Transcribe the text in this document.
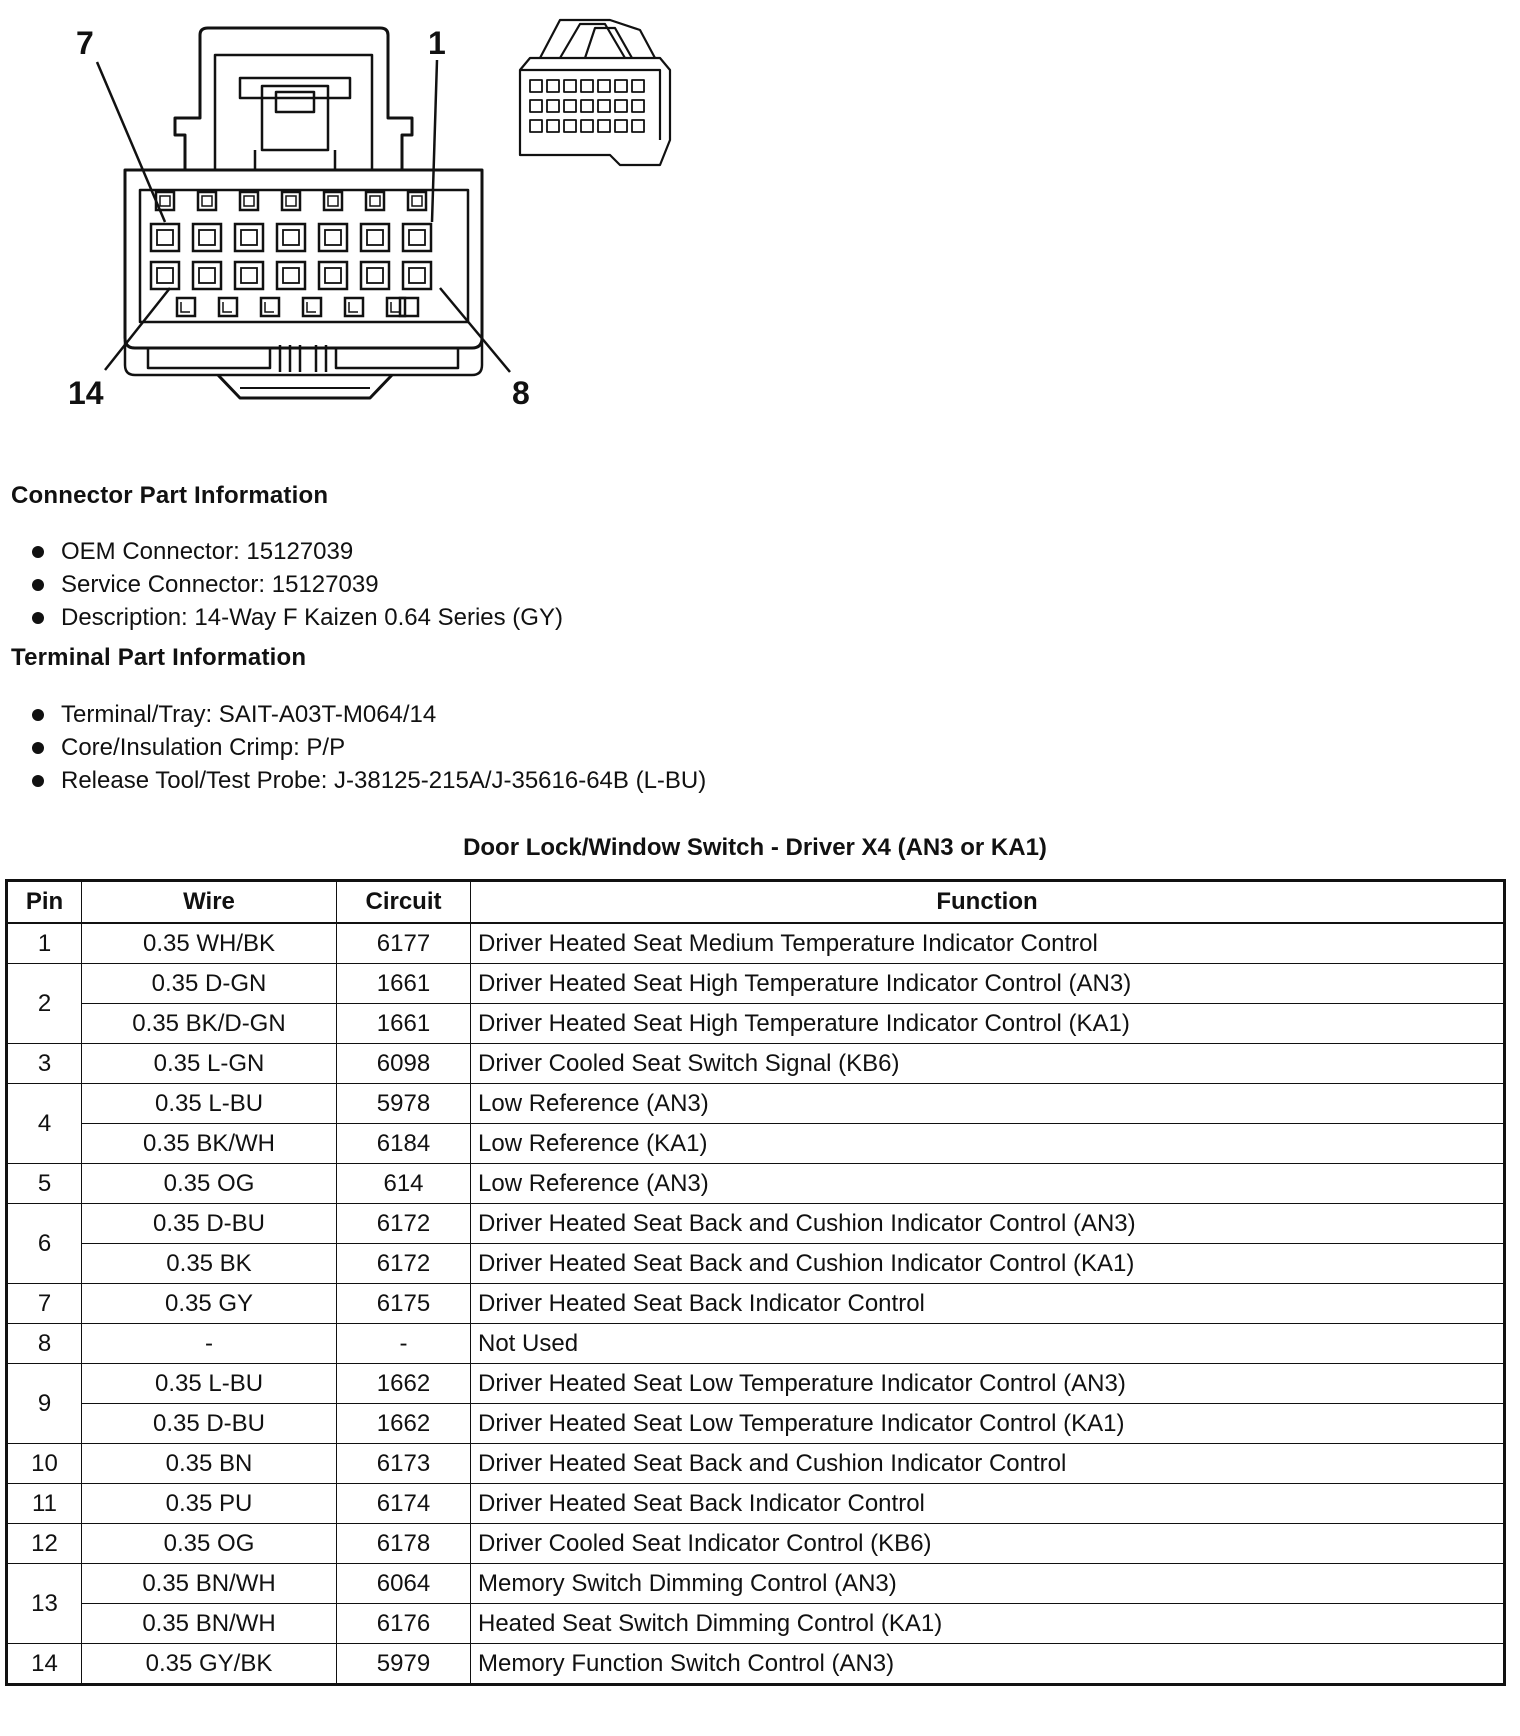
7	1
14	8
Connector Part Information
OEM Connector: 15127039
Service Connector: 15127039
Description: 14-Way F Kaizen 0.64 Series (GY)
Terminal Part Information
Terminal/Tray: SAIT-A03T-M064/14
Core/Insulation Crimp: P/P
Release Tool/Test Probe: J-38125-215A/J-35616-64B (L-BU)
Door Lock/Window Switch - Driver X4 (AN3 or KA1)
Pin	Wire	Circuit	Function
1	0.35 WH/BK	6177	Driver Heated Seat Medium Temperature Indicator Control
2	0.35 D-GN	1661	Driver Heated Seat High Temperature Indicator Control (AN3)
	0.35 BK/D-GN	1661	Driver Heated Seat High Temperature Indicator Control (KA1)
3	0.35 L-GN	6098	Driver Cooled Seat Switch Signal (KB6)
4	0.35 L-BU	5978	Low Reference (AN3)
	0.35 BK/WH	6184	Low Reference (KA1)
5	0.35 OG	614	Low Reference (AN3)
6	0.35 D-BU	6172	Driver Heated Seat Back and Cushion Indicator Control (AN3)
	0.35 BK	6172	Driver Heated Seat Back and Cushion Indicator Control (KA1)
7	0.35 GY	6175	Driver Heated Seat Back Indicator Control
8	-	-	Not Used
9	0.35 L-BU	1662	Driver Heated Seat Low Temperature Indicator Control (AN3)
	0.35 D-BU	1662	Driver Heated Seat Low Temperature Indicator Control (KA1)
10	0.35 BN	6173	Driver Heated Seat Back and Cushion Indicator Control
11	0.35 PU	6174	Driver Heated Seat Back Indicator Control
12	0.35 OG	6178	Driver Cooled Seat Indicator Control (KB6)
13	0.35 BN/WH	6064	Memory Switch Dimming Control (AN3)
	0.35 BN/WH	6176	Heated Seat Switch Dimming Control (KA1)
14	0.35 GY/BK	5979	Memory Function Switch Control (AN3)
